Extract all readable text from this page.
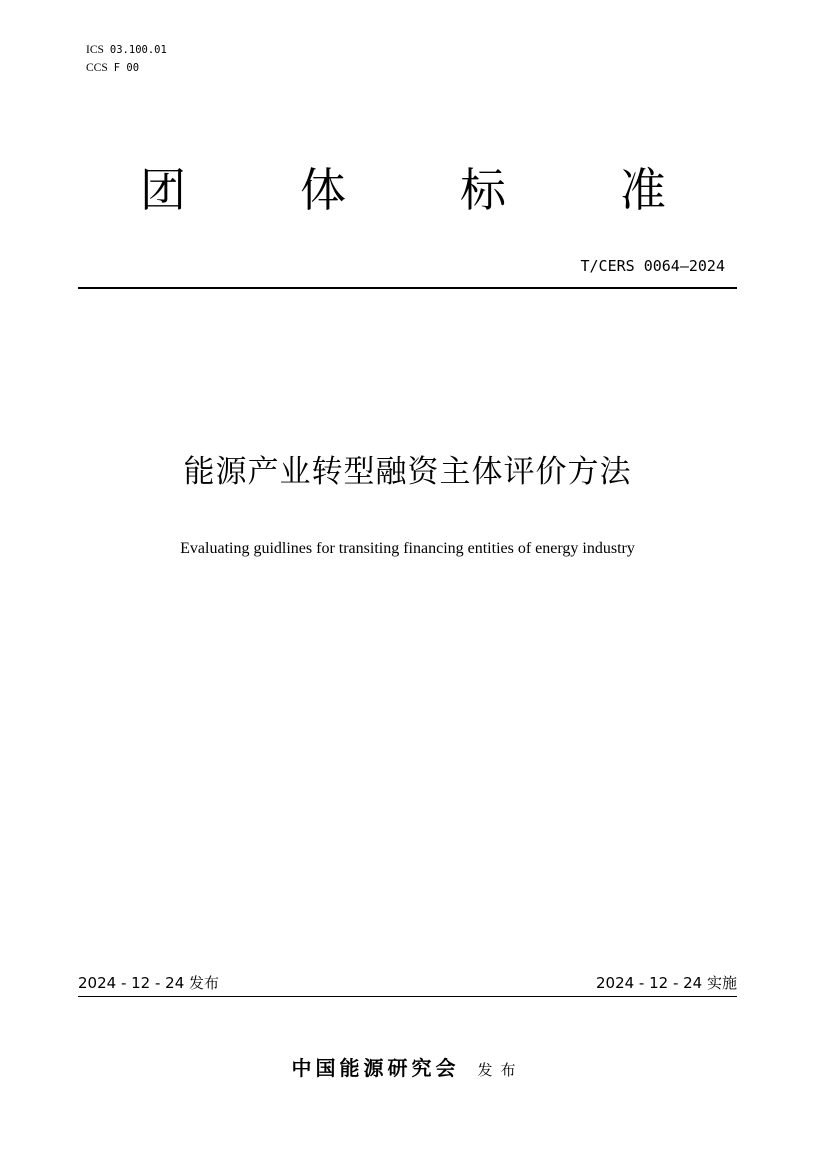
ICS 03.100.01
CCS F 00
团 体 标 准
T/CERS 0064—2024
能源产业转型融资主体评价方法
Evaluating guidlines for transiting financing entities of energy industry
2024 - 12 - 24 发布	2024 - 12 - 24 实施
中国能源研究会 发布
